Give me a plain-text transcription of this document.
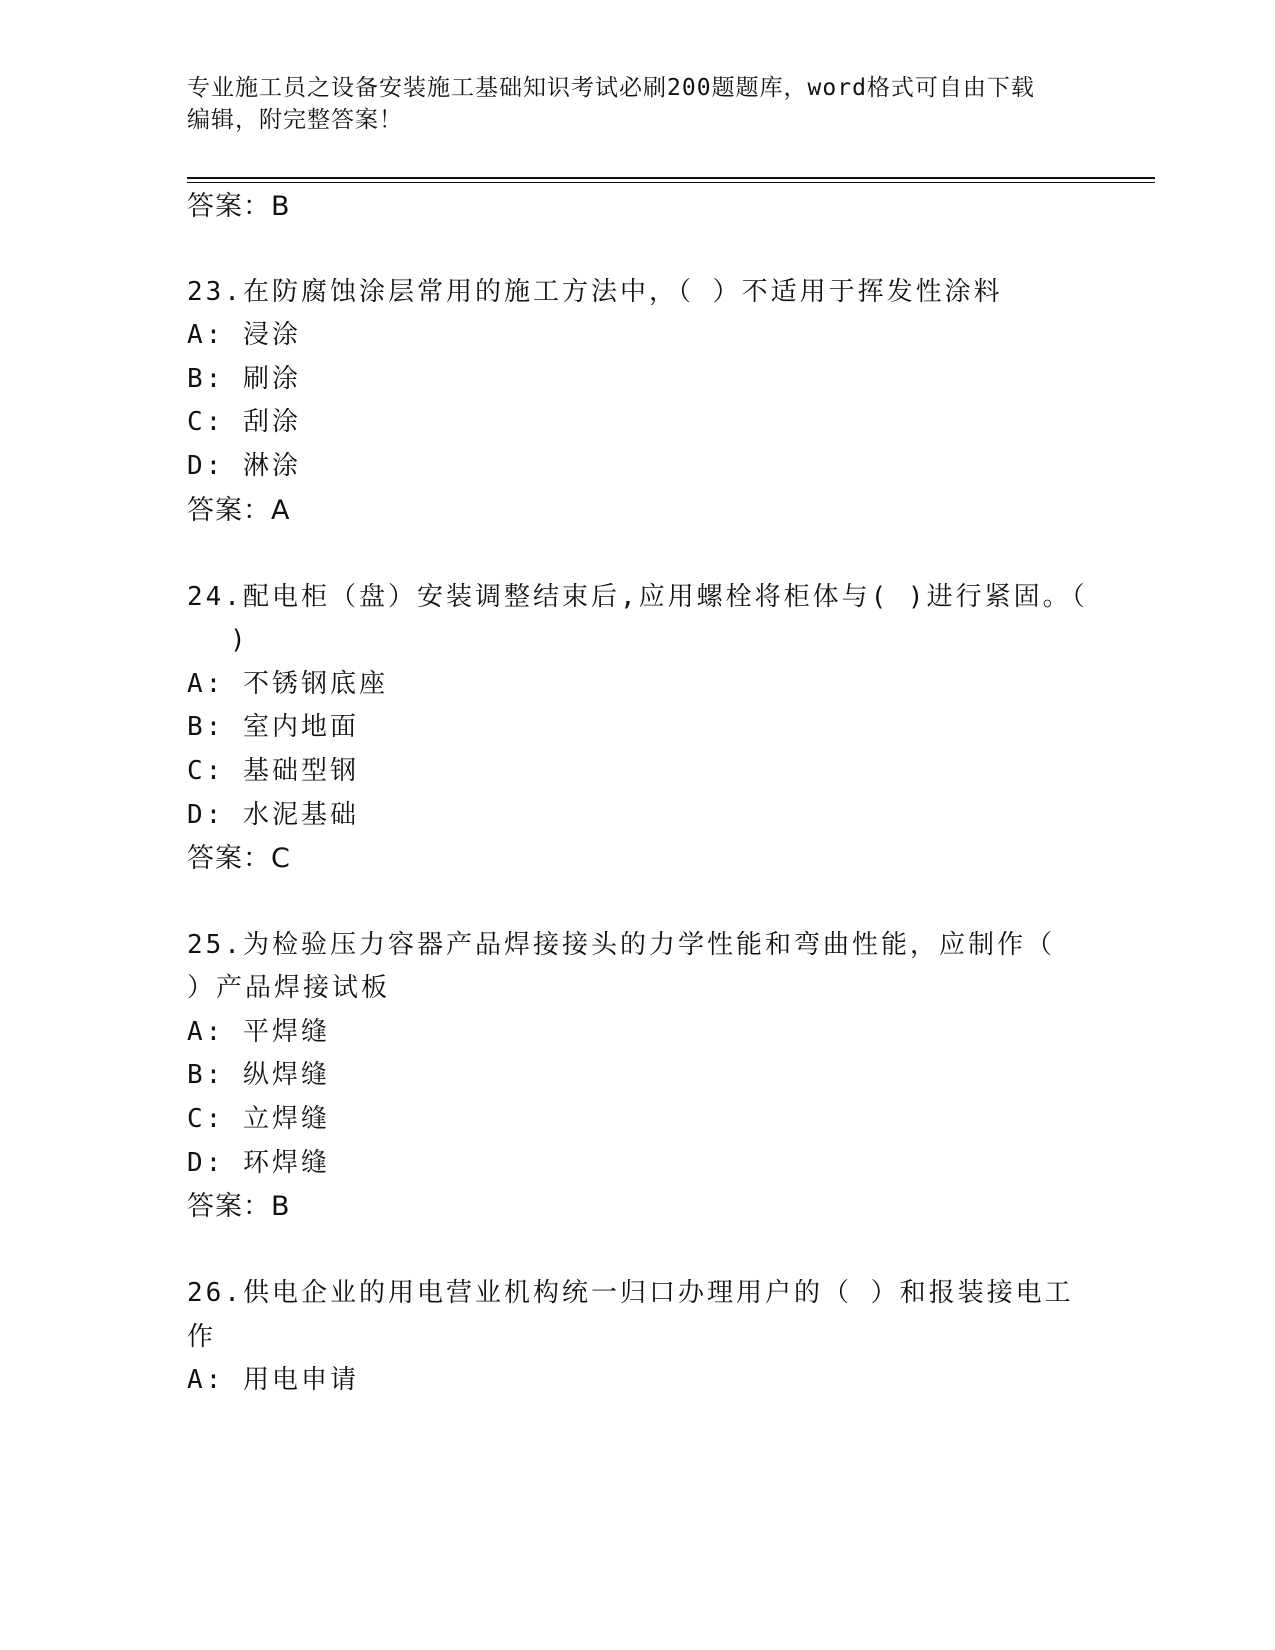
专业施工员之设备安装施工基础知识考试必刷200题题库，word格式可自由下载
编辑，附完整答案！
答案：B
23.在防腐蚀涂层常用的施工方法中，（ ）不适用于挥发性涂料
A: 浸涂
B: 刷涂
C: 刮涂
D: 淋涂
答案：A
24.配电柜（盘）安装调整结束后,应用螺栓将柜体与( )进行紧固。（
)
A: 不锈钢底座
B: 室内地面
C: 基础型钢
D: 水泥基础
答案：C
25.为检验压力容器产品焊接接头的力学性能和弯曲性能，应制作（
）产品焊接试板
A: 平焊缝
B: 纵焊缝
C: 立焊缝
D: 环焊缝
答案：B
26.供电企业的用电营业机构统一归口办理用户的（ ）和报装接电工
作
A: 用电申请
